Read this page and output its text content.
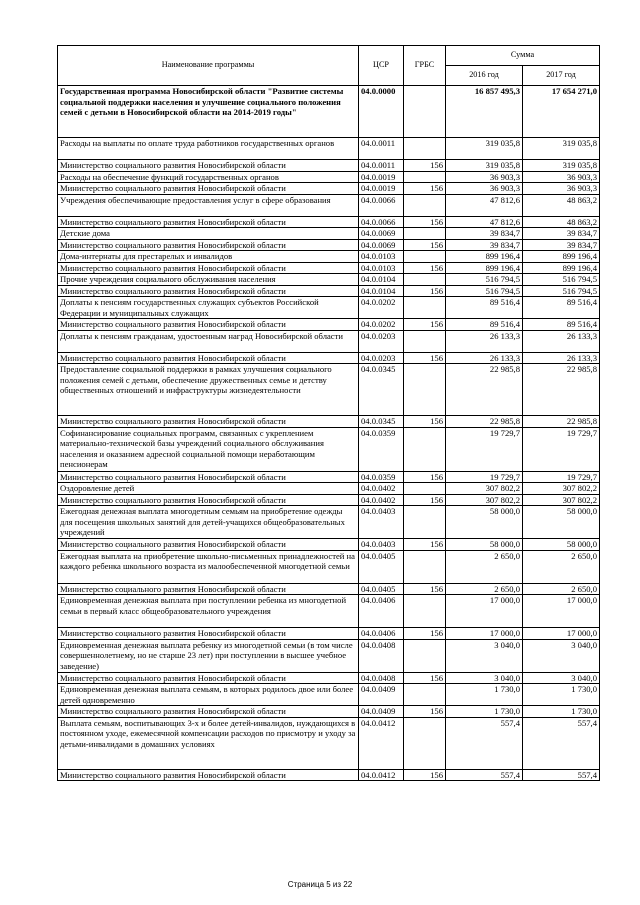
Наименование программы	ЦСР	ГРБС	Сумма	
			2016 год	2017 год
Государственная программа Новосибирской области "Развитие системы социальной поддержки населения и улучшение социального положения семей с детьми в Новосибирской области на 2014-2019 годы"	04.0.0000		16 857 495,3	17 654 271,0
Расходы на выплаты по оплате труда работников государственных органов	04.0.0011		319 035,8	319 035,8
Министерство социального развития Новосибирской области	04.0.0011	156	319 035,8	319 035,8
Расходы на обеспечение функций государственных органов	04.0.0019		36 903,3	36 903,3
Министерство социального развития Новосибирской области	04.0.0019	156	36 903,3	36 903,3
Учреждения обеспечивающие предоставления услуг в сфере образования	04.0.0066		47 812,6	48 863,2
Министерство социального развития Новосибирской области	04.0.0066	156	47 812,6	48 863,2
Детские дома	04.0.0069		39 834,7	39 834,7
Министерство социального развития Новосибирской области	04.0.0069	156	39 834,7	39 834,7
Дома-интернаты для престарелых и инвалидов	04.0.0103		899 196,4	899 196,4
Министерство социального развития Новосибирской области	04.0.0103	156	899 196,4	899 196,4
Прочие учреждения социального обслуживания населения	04.0.0104		516 794,5	516 794,5
Министерство социального развития Новосибирской области	04.0.0104	156	516 794,5	516 794,5
Доплаты к пенсиям государственных служащих субъектов Российской Федерации и муниципальных служащих	04.0.0202		89 516,4	89 516,4
Министерство социального развития Новосибирской области	04.0.0202	156	89 516,4	89 516,4
Доплаты к пенсиям гражданам, удостоенным наград Новосибирской области	04.0.0203		26 133,3	26 133,3
Министерство социального развития Новосибирской области	04.0.0203	156	26 133,3	26 133,3
Предоставление социальной поддержки в рамках улучшения социального положения семей с детьми, обеспечение дружественных семье и детству общественных отношений и инфраструктуры жизнедеятельности	04.0.0345		22 985,8	22 985,8
Министерство социального развития Новосибирской области	04.0.0345	156	22 985,8	22 985,8
Софинансирование социальных программ, связанных с укреплением материально-технической базы учреждений социального обслуживания населения и оказанием адресной социальной помощи неработающим пенсионерам	04.0.0359		19 729,7	19 729,7
Министерство социального развития Новосибирской области	04.0.0359	156	19 729,7	19 729,7
Оздоровление детей	04.0.0402		307 802,2	307 802,2
Министерство социального развития Новосибирской области	04.0.0402	156	307 802,2	307 802,2
Ежегодная денежная выплата многодетным семьям на приобретение одежды для посещения школьных занятий для детей-учащихся общеобразовательных учреждений	04.0.0403		58 000,0	58 000,0
Министерство социального развития Новосибирской области	04.0.0403	156	58 000,0	58 000,0
Ежегодная выплата на приобретение школьно-письменных принадлежностей на каждого ребенка школьного возраста из малообеспеченной многодетной семьи	04.0.0405		2 650,0	2 650,0
Министерство социального развития Новосибирской области	04.0.0405	156	2 650,0	2 650,0
Единовременная денежная выплата при поступлении ребенка из многодетной семьи в первый класс общеобразовательного учреждения	04.0.0406		17 000,0	17 000,0
Министерство социального развития Новосибирской области	04.0.0406	156	17 000,0	17 000,0
Единовременная денежная выплата ребенку из многодетной семьи (в том числе совершеннолетнему, но не старше 23 лет) при поступлении в высшее учебное заведение)	04.0.0408		3 040,0	3 040,0
Министерство социального развития Новосибирской области	04.0.0408	156	3 040,0	3 040,0
Единовременная денежная выплата семьям, в которых родилось двое или более детей одновременно	04.0.0409		1 730,0	1 730,0
Министерство социального развития Новосибирской области	04.0.0409	156	1 730,0	1 730,0
Выплата семьям, воспитывающих 3-х и более детей-инвалидов, нуждающихся в постоянном уходе, ежемесячной компенсации расходов по присмотру и уходу за детьми-инвалидами в домашних условиях	04.0.0412		557,4	557,4
Министерство социального развития Новосибирской области	04.0.0412	156	557,4	557,4
Страница 5 из 22
